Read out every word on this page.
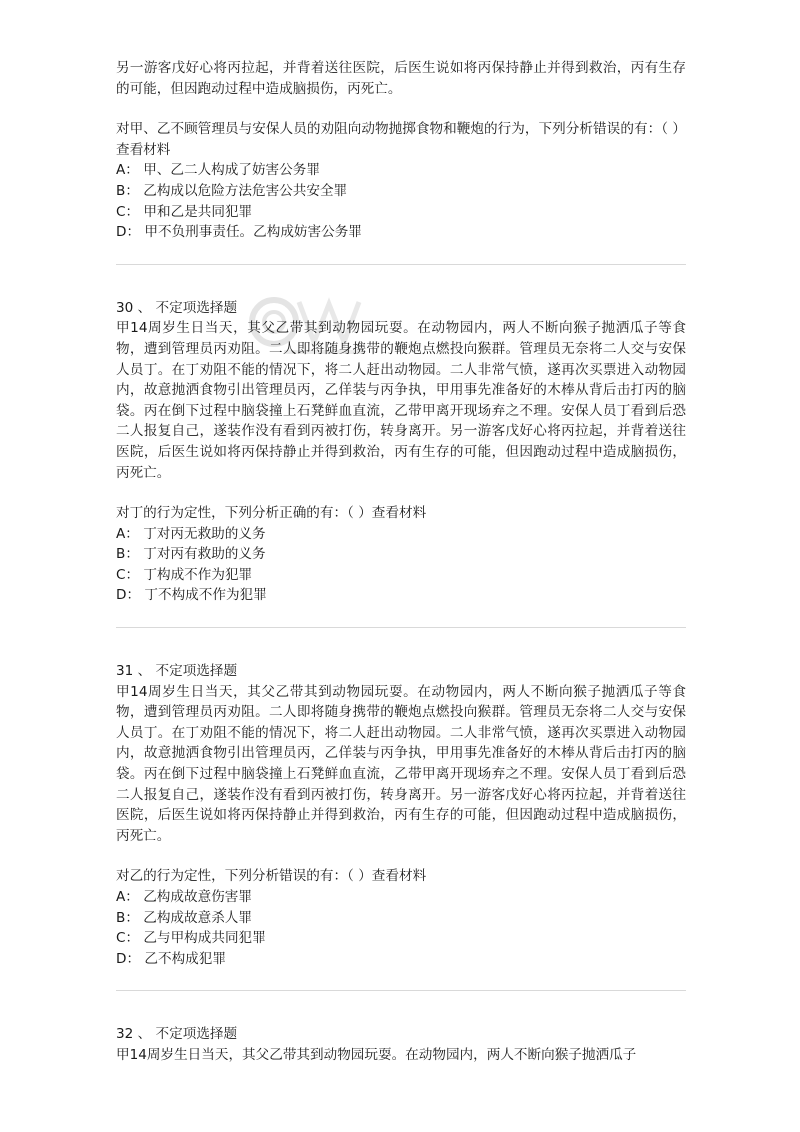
另一游客戊好心将丙拉起，并背着送往医院，后医生说如将丙保持静止并得到救治，丙有生存的可能，但因跑动过程中造成脑损伤，丙死亡。

对甲、乙不顾管理员与安保人员的劝阻向动物抛掷食物和鞭炮的行为，下列分析错误的有：（ ）查看材料

A： 甲、乙二人构成了妨害公务罪
B： 乙构成以危险方法危害公共安全罪
C： 甲和乙是共同犯罪
D： 甲不负刑事责任。乙构成妨害公务罪
30 、 不定项选择题

甲14周岁生日当天，其父乙带其到动物园玩耍。在动物园内，两人不断向猴子抛洒瓜子等食物，遭到管理员丙劝阻。二人即将随身携带的鞭炮点燃投向猴群。管理员无奈将二人交与安保人员丁。在丁劝阻不能的情况下，将二人赶出动物园。二人非常气愤，遂再次买票进入动物园内，故意抛洒食物引出管理员丙，乙佯装与丙争执，甲用事先准备好的木棒从背后击打丙的脑袋。丙在倒下过程中脑袋撞上石凳鲜血直流，乙带甲离开现场弃之不理。安保人员丁看到后恐二人报复自己，遂装作没有看到丙被打伤，转身离开。另一游客戊好心将丙拉起，并背着送往医院，后医生说如将丙保持静止并得到救治，丙有生存的可能，但因跑动过程中造成脑损伤，丙死亡。

对丁的行为定性，下列分析正确的有：（ ）查看材料

A： 丁对丙无救助的义务
B： 丁对丙有救助的义务
C： 丁构成不作为犯罪
D： 丁不构成不作为犯罪
31 、 不定项选择题

甲14周岁生日当天，其父乙带其到动物园玩耍。在动物园内，两人不断向猴子抛洒瓜子等食物，遭到管理员丙劝阻。二人即将随身携带的鞭炮点燃投向猴群。管理员无奈将二人交与安保人员丁。在丁劝阻不能的情况下，将二人赶出动物园。二人非常气愤，遂再次买票进入动物园内，故意抛洒食物引出管理员丙，乙佯装与丙争执，甲用事先准备好的木棒从背后击打丙的脑袋。丙在倒下过程中脑袋撞上石凳鲜血直流，乙带甲离开现场弃之不理。安保人员丁看到后恐二人报复自己，遂装作没有看到丙被打伤，转身离开。另一游客戊好心将丙拉起，并背着送往医院，后医生说如将丙保持静止并得到救治，丙有生存的可能，但因跑动过程中造成脑损伤，丙死亡。

对乙的行为定性，下列分析错误的有：（ ）查看材料

A： 乙构成故意伤害罪
B： 乙构成故意杀人罪
C： 乙与甲构成共同犯罪
D： 乙不构成犯罪
32 、 不定项选择题

甲14周岁生日当天，其父乙带其到动物园玩耍。在动物园内，两人不断向猴子抛洒瓜子
